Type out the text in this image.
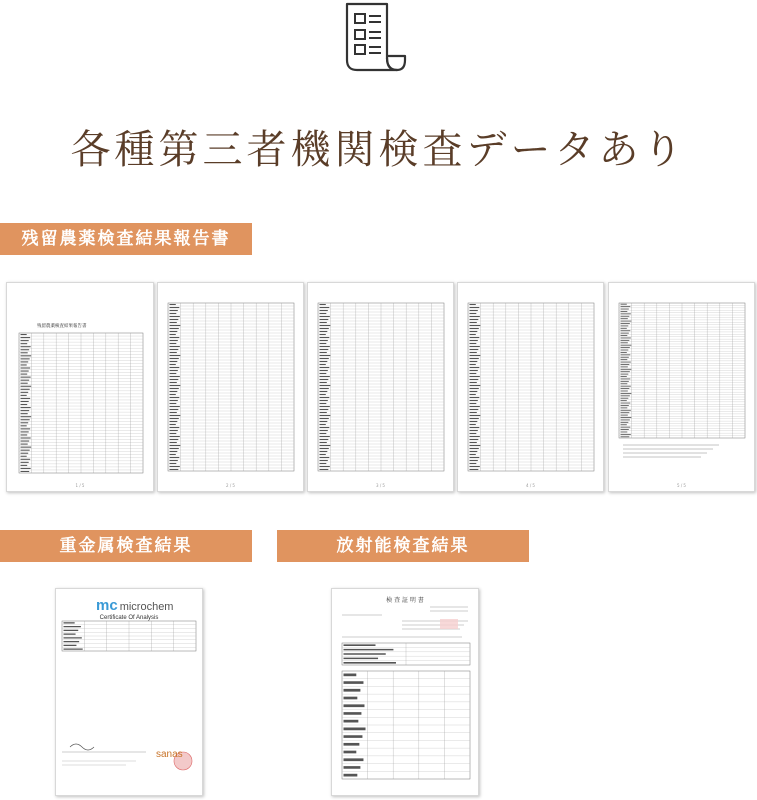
各種第三者機関検査データあり
残留農薬検査結果報告書
残留農薬検査結果報告書
1 / 5	2 / 5	3 / 5	4 / 5	5 / 5
重金属検査結果
mc microchem
Certificate Of Analysis
sanas
放射能検査結果
検 査 証 明 書
